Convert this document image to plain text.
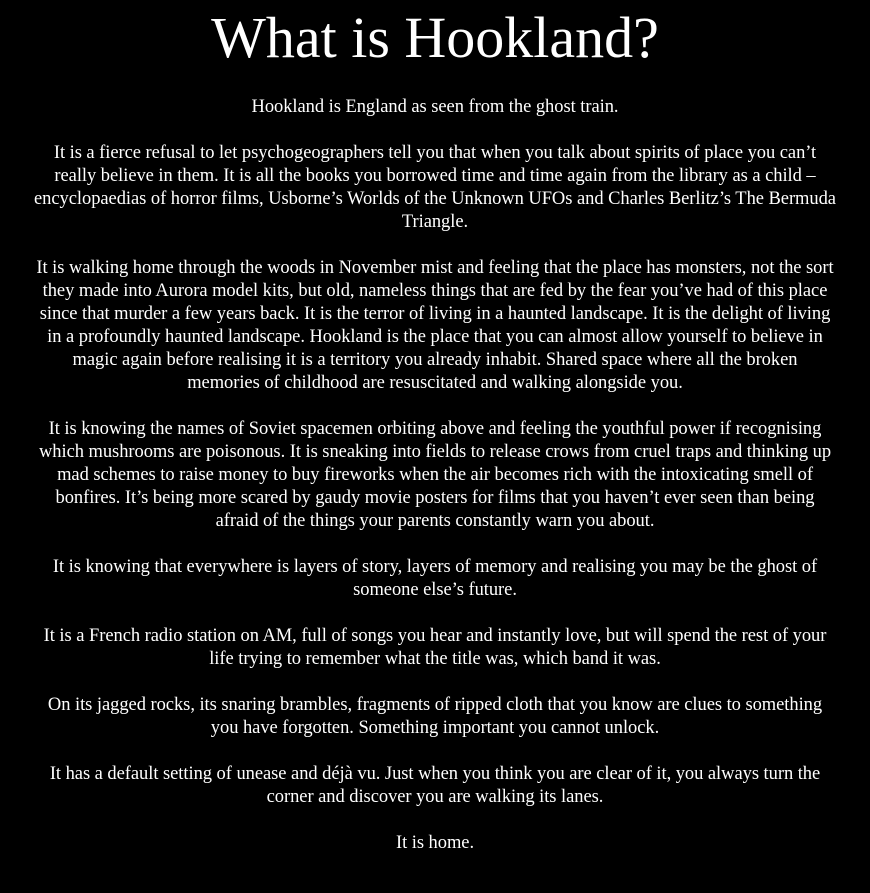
What is Hookland?

Hookland is England as seen from the ghost train.

It is a fierce refusal to let psychogeographers tell you that when you talk about spirits of place you can’t really believe in them. It is all the books you borrowed time and time again from the library as a child – encyclopaedias of horror films, Usborne’s Worlds of the Unknown UFOs and Charles Berlitz’s The Bermuda Triangle.

It is walking home through the woods in November mist and feeling that the place has monsters, not the sort they made into Aurora model kits, but old, nameless things that are fed by the fear you’ve had of this place since that murder a few years back. It is the terror of living in a haunted landscape. It is the delight of living in a profoundly haunted landscape. Hookland is the place that you can almost allow yourself to believe in magic again before realising it is a territory you already inhabit. Shared space where all the broken memories of childhood are resuscitated and walking alongside you.

It is knowing the names of Soviet spacemen orbiting above and feeling the youthful power if recognising which mushrooms are poisonous. It is sneaking into fields to release crows from cruel traps and thinking up mad schemes to raise money to buy fireworks when the air becomes rich with the intoxicating smell of bonfires. It’s being more scared by gaudy movie posters for films that you haven’t ever seen than being afraid of the things your parents constantly warn you about.

It is knowing that everywhere is layers of story, layers of memory and realising you may be the ghost of someone else’s future.

It is a French radio station on AM, full of songs you hear and instantly love, but will spend the rest of your life trying to remember what the title was, which band it was.

On its jagged rocks, its snaring brambles, fragments of ripped cloth that you know are clues to something you have forgotten. Something important you cannot unlock.

It has a default setting of unease and déjà vu. Just when you think you are clear of it, you always turn the corner and discover you are walking its lanes.

It is home.
